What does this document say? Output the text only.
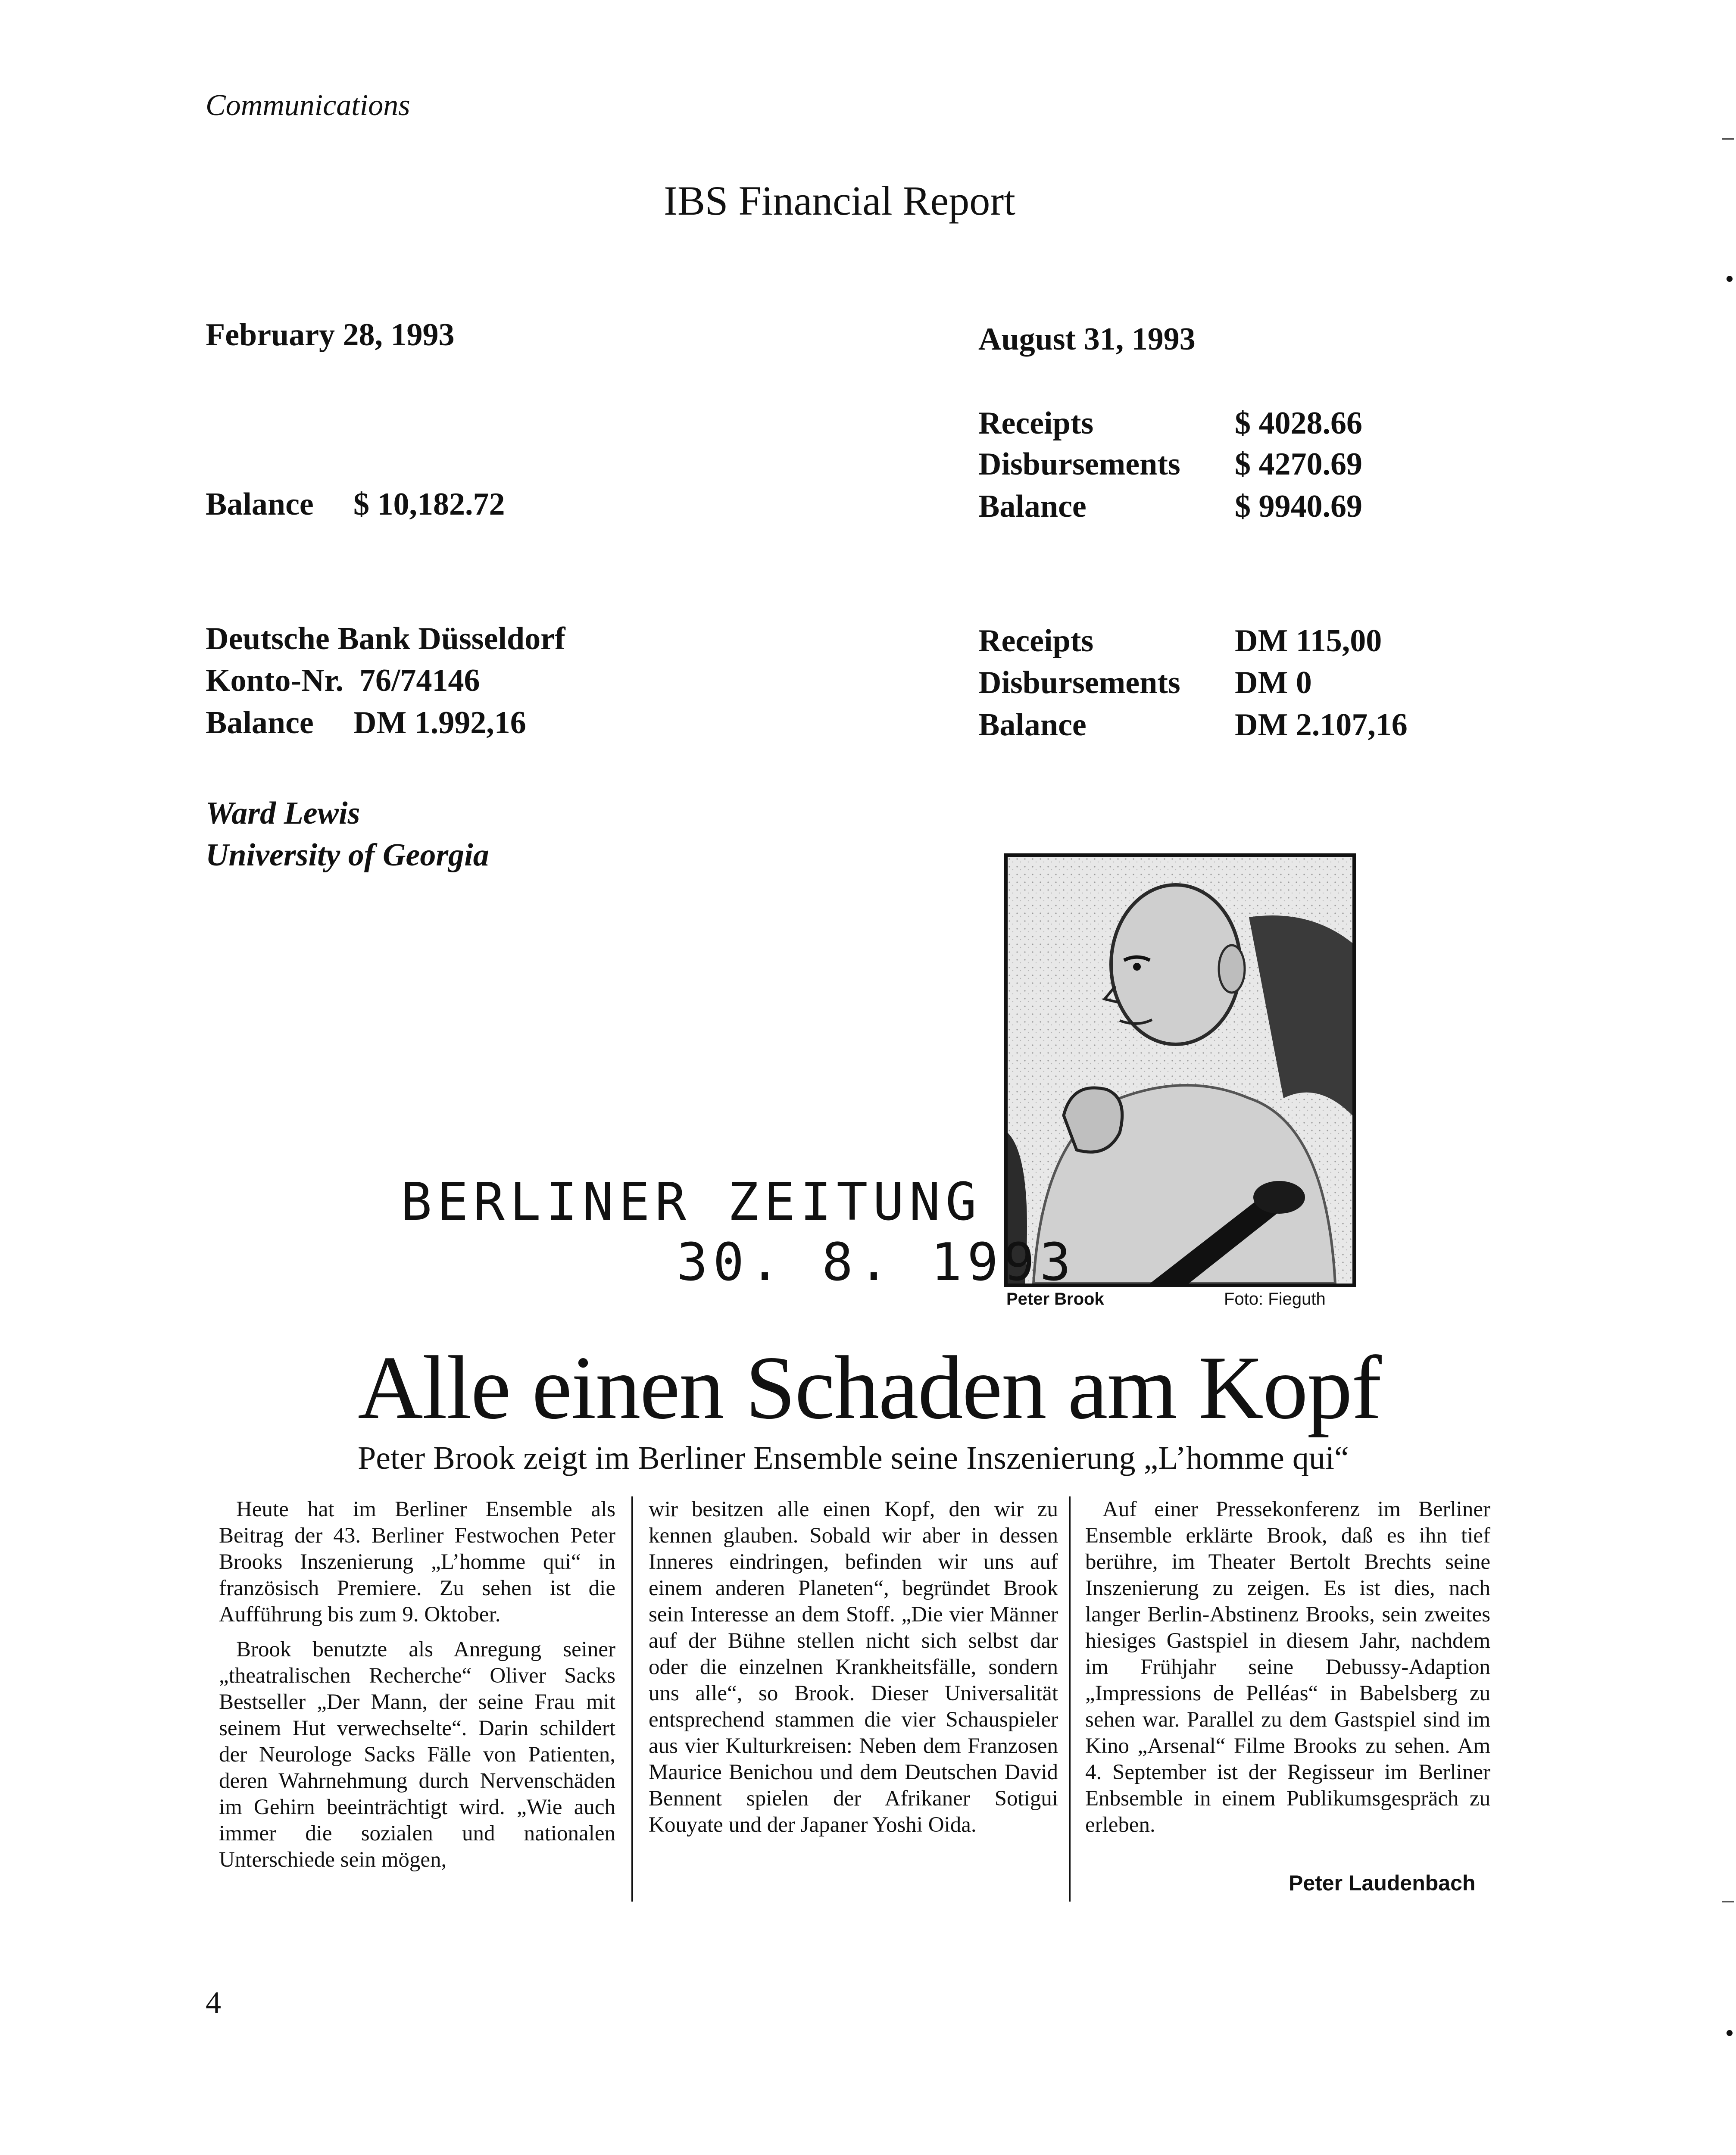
Communications
IBS Financial Report
February 28, 1993	August 31, 1993
Balance $ 10,182.72
Receipts	$ 4028.66
Disbursements $ 4270.69
Balance	$ 9940.69
Deutsche Bank Düsseldorf
Konto-Nr.  76/74146
Balance DM 1.992,16
Receipts	DM 115,00
Disbursements DM 0
Balance	DM 2.107,16
Ward Lewis
University of Georgia
Peter Brook	Foto: Fieguth
BERLINER ZEITUNG
30. 8. 1993
Alle einen Schaden am Kopf
Peter Brook zeigt im Berliner Ensemble seine Inszenierung „L’homme qui“

Heute hat im Berliner Ensemble als Beitrag der 43. Berliner Festwochen Peter Brooks Inszenierung „L’homme qui“ in französisch Premiere. Zu sehen ist die Aufführung bis zum 9. Oktober.

Brook benutzte als Anregung seiner „theatralischen Recherche“ Oliver Sacks Bestseller „Der Mann, der seine Frau mit seinem Hut verwechselte“. Darin schildert der Neurologe Sacks Fälle von Patienten, deren Wahrnehmung durch Nervenschäden im Gehirn beeinträchtigt wird. „Wie auch immer die sozialen und nationalen Unterschiede sein mögen,

wir besitzen alle einen Kopf, den wir zu kennen glauben. Sobald wir aber in dessen Inneres eindringen, befinden wir uns auf einem anderen Planeten“, begründet Brook sein Interesse an dem Stoff. „Die vier Männer auf der Bühne stellen nicht sich selbst dar oder die einzelnen Krankheitsfälle, sondern uns alle“, so Brook. Dieser Universalität entsprechend stammen die vier Schauspieler aus vier Kulturkreisen: Neben dem Franzosen Maurice Benichou und dem Deutschen David Bennent spielen der Afrikaner Sotigui Kouyate und der Japaner Yoshi Oida.

Auf einer Pressekonferenz im Berliner Ensemble erklärte Brook, daß es ihn tief berühre, im Theater Bertolt Brechts seine Inszenierung zu zeigen. Es ist dies, nach langer Berlin-Abstinenz Brooks, sein zweites hiesiges Gastspiel in diesem Jahr, nachdem im Frühjahr seine Debussy-Adaption „Impressions de Pelléas“ in Babelsberg zu sehen war. Parallel zu dem Gastspiel sind im Kino „Arsenal“ Filme Brooks zu sehen. Am 4. September ist der Regisseur im Berliner Enbsemble in einem Publikumsgespräch zu erleben.

Peter Laudenbach
4
